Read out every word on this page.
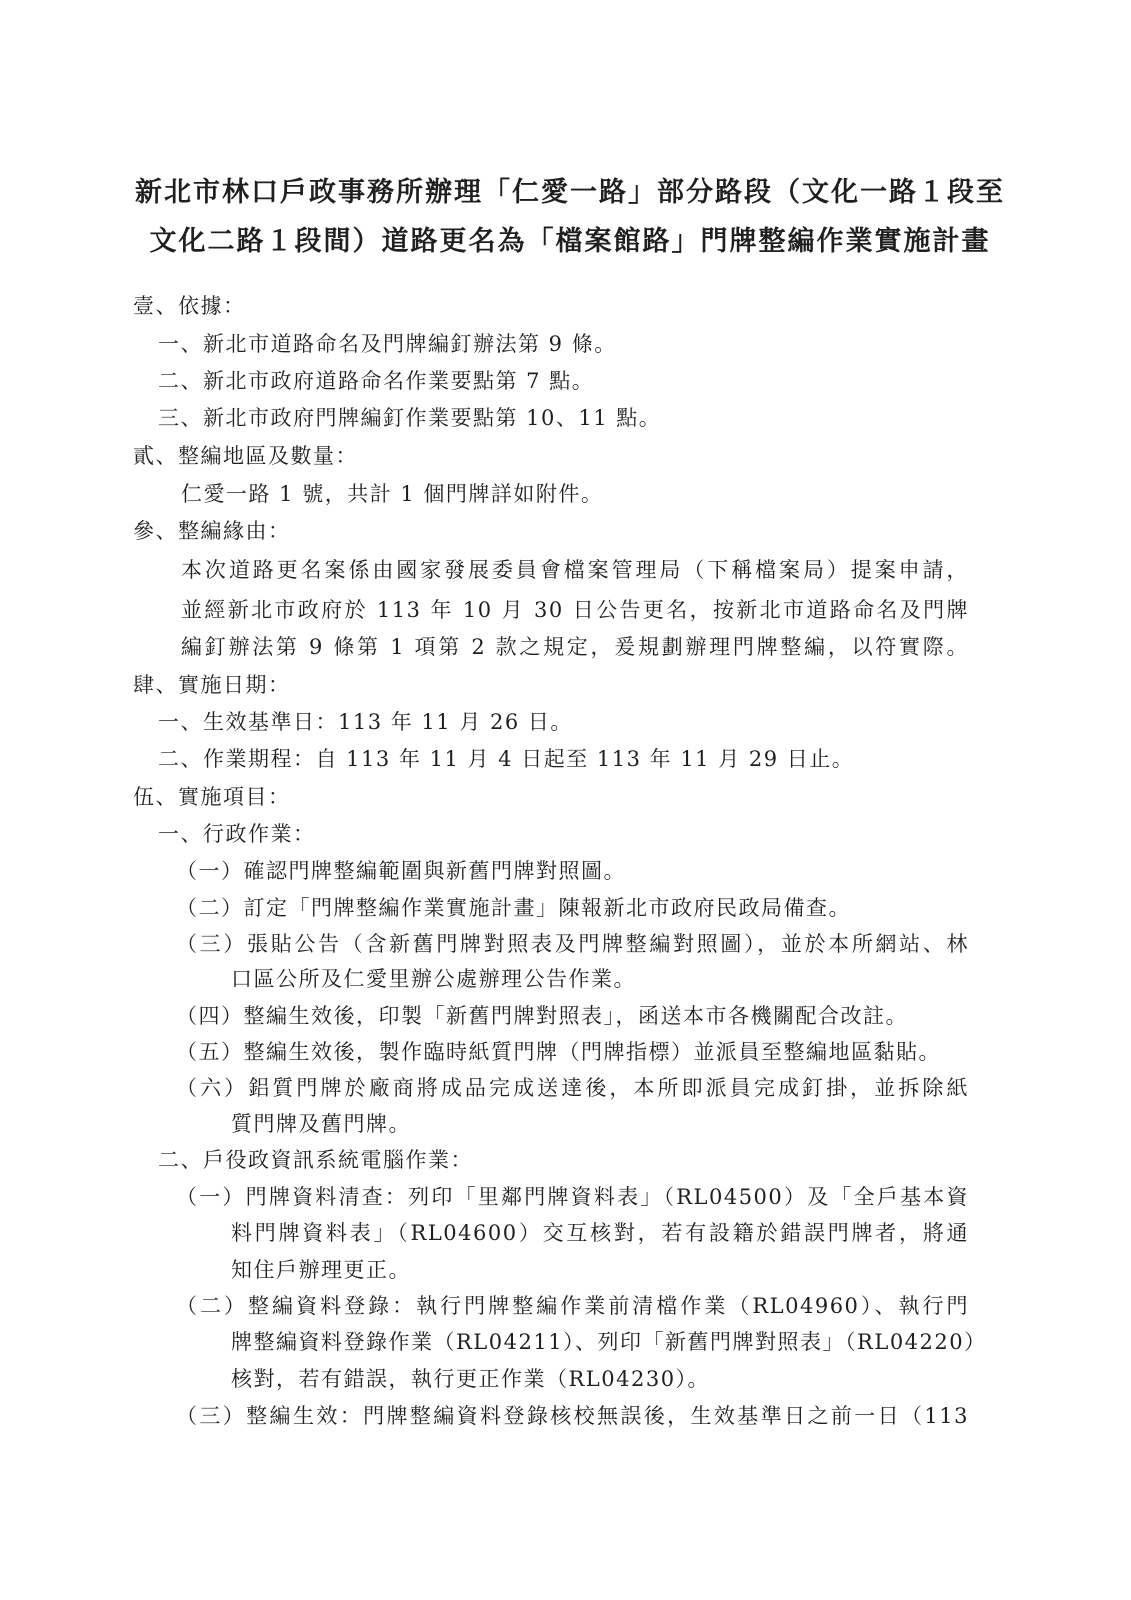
新北市林口戶政事務所辦理「仁愛一路」部分路段（文化一路１段至
文化二路１段間）道路更名為「檔案館路」門牌整編作業實施計畫
壹、依據：
一、新北市道路命名及門牌編釘辦法第 9 條。
二、新北市政府道路命名作業要點第 7 點。
三、新北市政府門牌編釘作業要點第 10、11 點。
貳、整編地區及數量：
仁愛一路 1 號，共計 1 個門牌詳如附件。
參、整編緣由：
本次道路更名案係由國家發展委員會檔案管理局（下稱檔案局）提案申請，
並經新北市政府於 113 年 10 月 30 日公告更名，按新北市道路命名及門牌
編釘辦法第 9 條第 1 項第 2 款之規定，爰規劃辦理門牌整編，以符實際。
肆、實施日期：
一、生效基準日：113 年 11 月 26 日。
二、作業期程：自 113 年 11 月 4 日起至 113 年 11 月 29 日止。
伍、實施項目：
一、行政作業：
（一）確認門牌整編範圍與新舊門牌對照圖。
（二）訂定「門牌整編作業實施計畫」陳報新北市政府民政局備查。
（三）張貼公告（含新舊門牌對照表及門牌整編對照圖），並於本所網站、林
口區公所及仁愛里辦公處辦理公告作業。
（四）整編生效後，印製「新舊門牌對照表」，函送本市各機關配合改註。
（五）整編生效後，製作臨時紙質門牌（門牌指標）並派員至整編地區黏貼。
（六）鋁質門牌於廠商將成品完成送達後，本所即派員完成釘掛，並拆除紙
質門牌及舊門牌。
二、戶役政資訊系統電腦作業：
（一）門牌資料清查：列印「里鄰門牌資料表」（RL04500）及「全戶基本資
料門牌資料表」（RL04600）交互核對，若有設籍於錯誤門牌者，將通
知住戶辦理更正。
（二）整編資料登錄：執行門牌整編作業前清檔作業（RL04960）、執行門
牌整編資料登錄作業（RL04211）、列印「新舊門牌對照表」（RL04220）
核對，若有錯誤，執行更正作業（RL04230）。
（三）整編生效：門牌整編資料登錄核校無誤後，生效基準日之前一日（113
